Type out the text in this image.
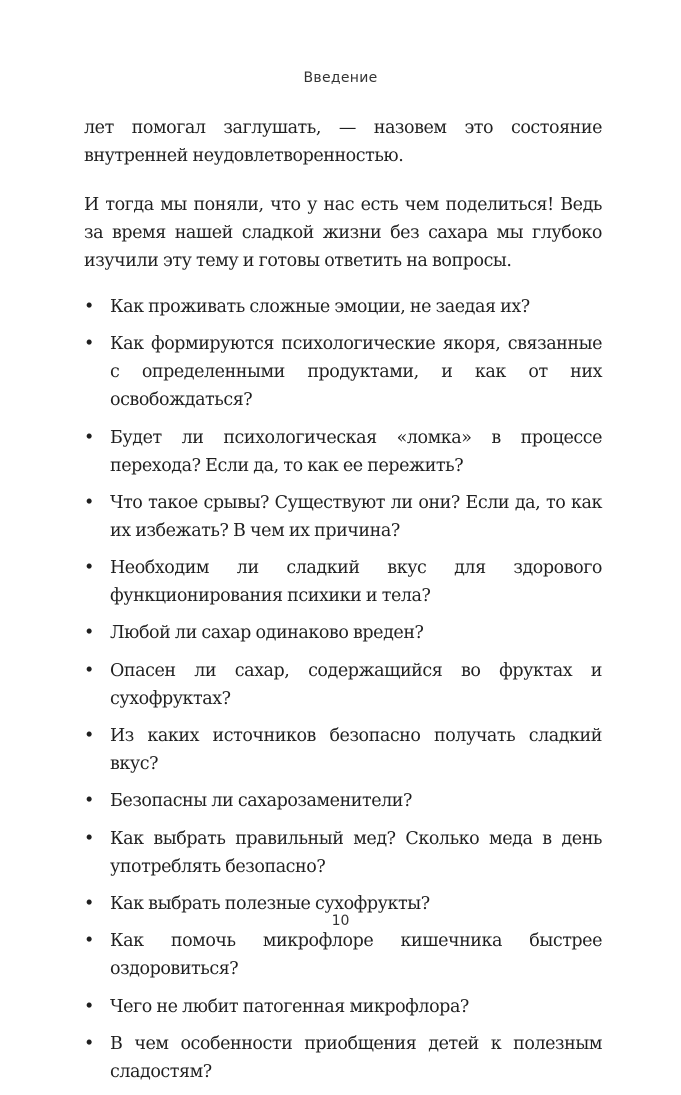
Введение

лет помогал заглушать, — назовем это состояние внутренней неудовлетворенностью.

И тогда мы поняли, что у нас есть чем поделиться! Ведь за время нашей сладкой жизни без сахара мы глубоко изучили эту тему и готовы ответить на вопросы.

• Как проживать сложные эмоции, не заедая их?
• Как формируются психологические якоря, связанные с определенными продуктами, и как от них освобождаться?
• Будет ли психологическая «ломка» в процессе перехода? Если да, то как ее пережить?
• Что такое срывы? Существуют ли они? Если да, то как их избежать? В чем их причина?
• Необходим ли сладкий вкус для здорового функционирования психики и тела?
• Любой ли сахар одинаково вреден?
• Опасен ли сахар, содержащийся во фруктах и сухофруктах?
• Из каких источников безопасно получать сладкий вкус?
• Безопасны ли сахарозаменители?
• Как выбрать правильный мед? Сколько меда в день употреблять безопасно?
• Как выбрать полезные сухофрукты?
• Как помочь микрофлоре кишечника быстрее оздоровиться?
• Чего не любит патогенная микрофлора?
• В чем особенности приобщения детей к полезным сладостям?
10
